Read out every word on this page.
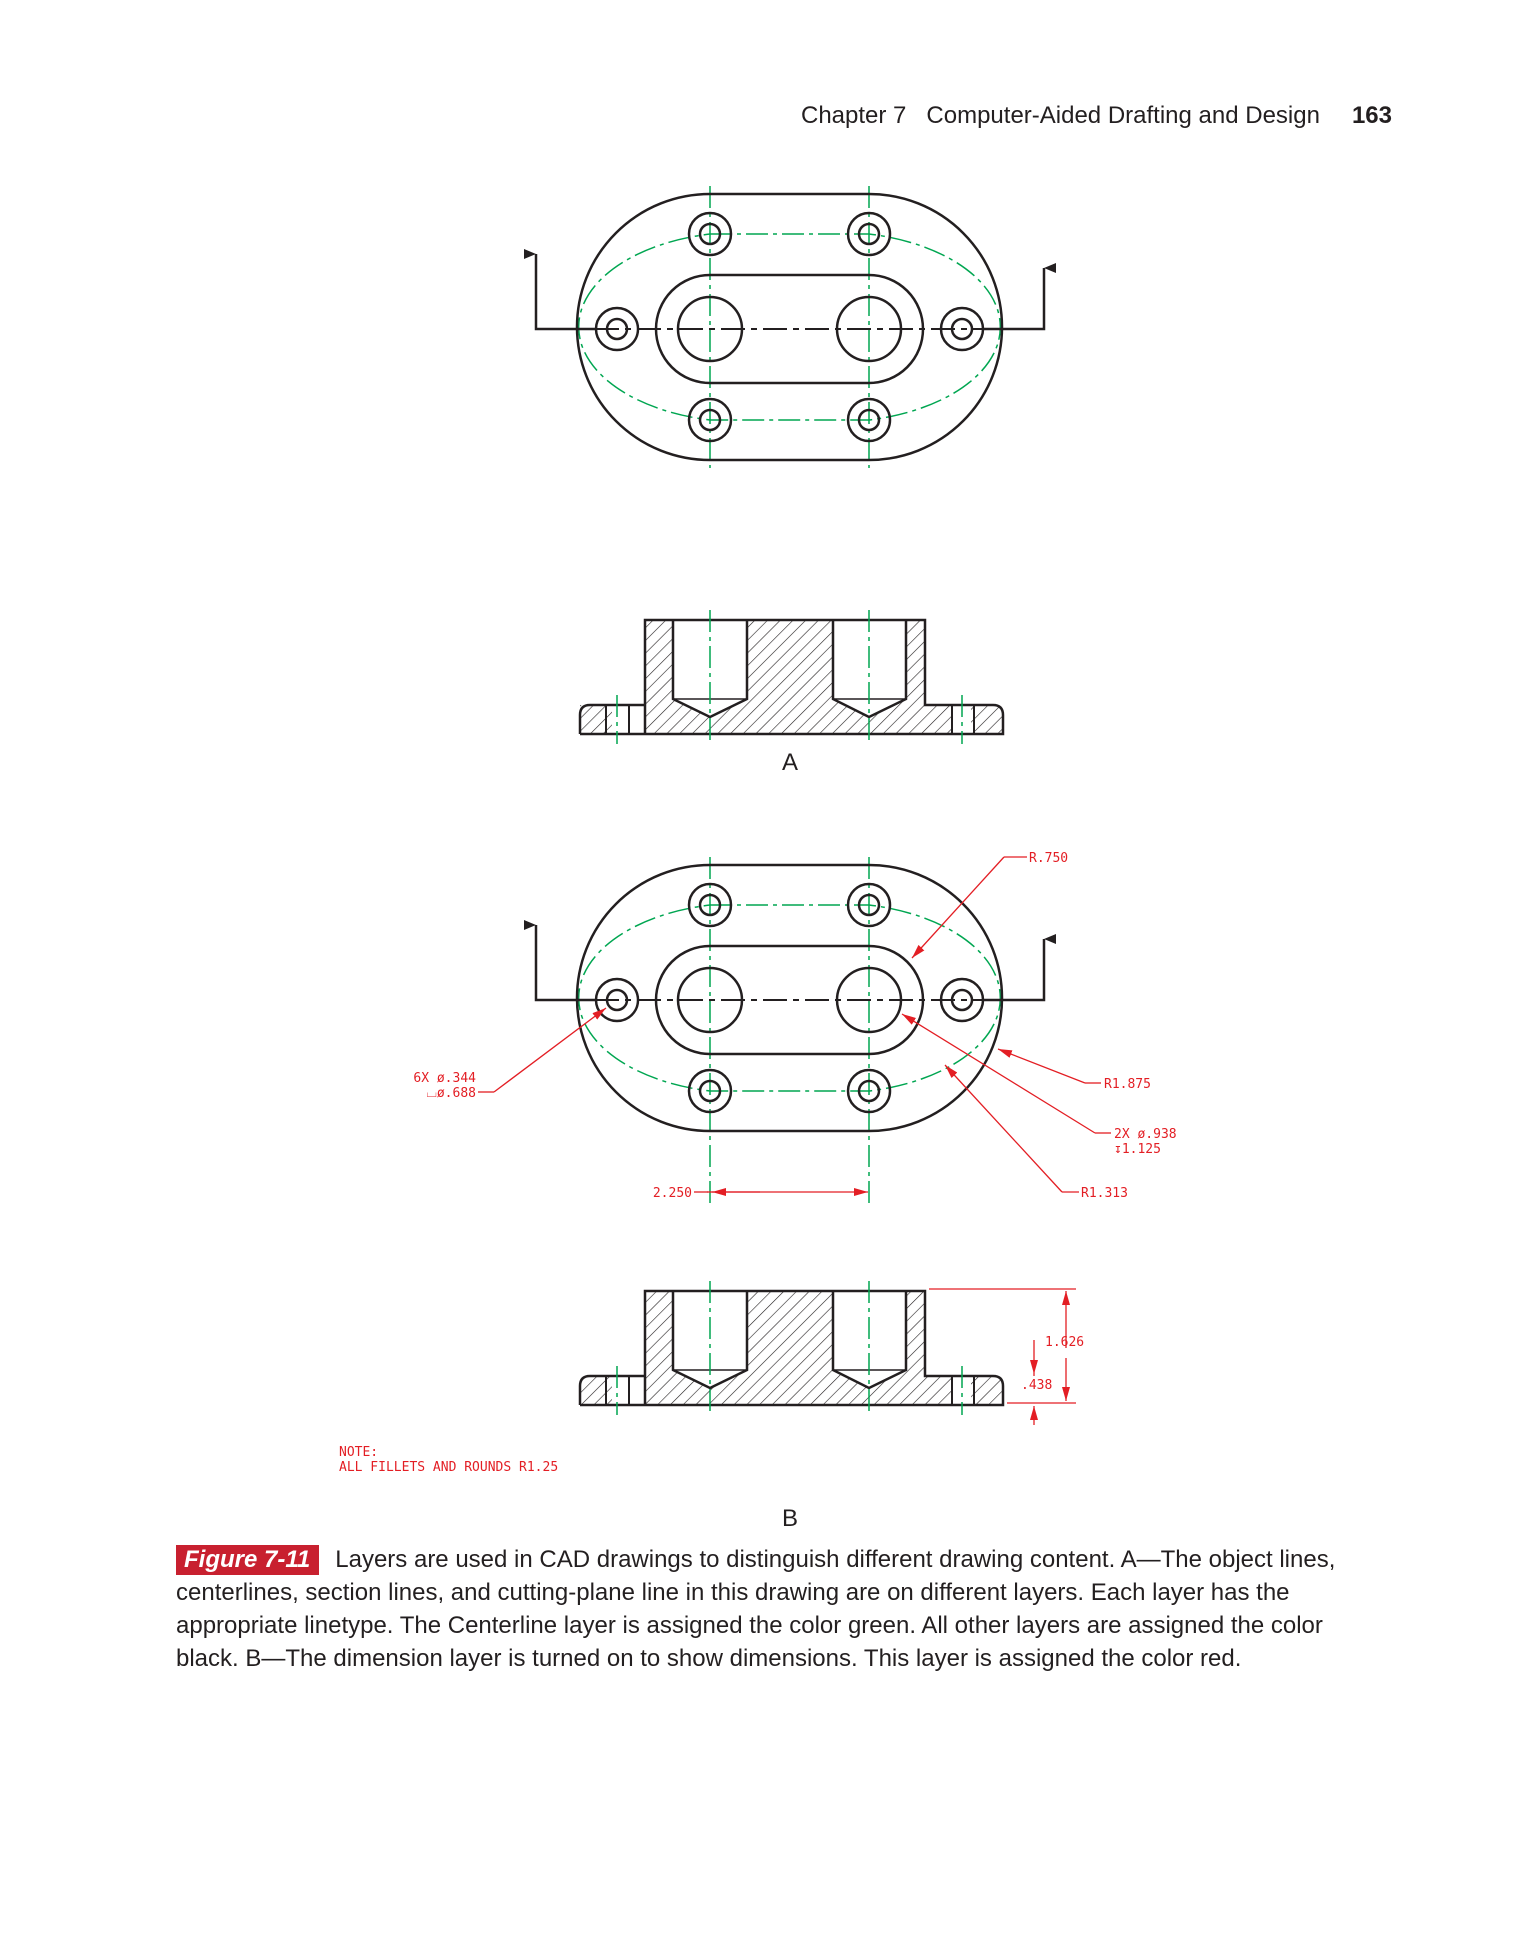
Chapter 7 Computer-Aided Drafting and Design 163
A
R.750
6X ø.344
⌴ø.688
R1.875
2X ø.938
↧1.125
R1.313
2.250
1.626
.438
B
NOTE:
ALL FILLETS AND ROUNDS R1.25
Figure 7-11 Layers are used in CAD drawings to distinguish different drawing content. A—The object lines, centerlines, section lines, and cutting-plane line in this drawing are on different layers. Each layer has the appropriate linetype. The Centerline layer is assigned the color green. All other layers are assigned the color black. B—The dimension layer is turned on to show dimensions. This layer is assigned the color red.
